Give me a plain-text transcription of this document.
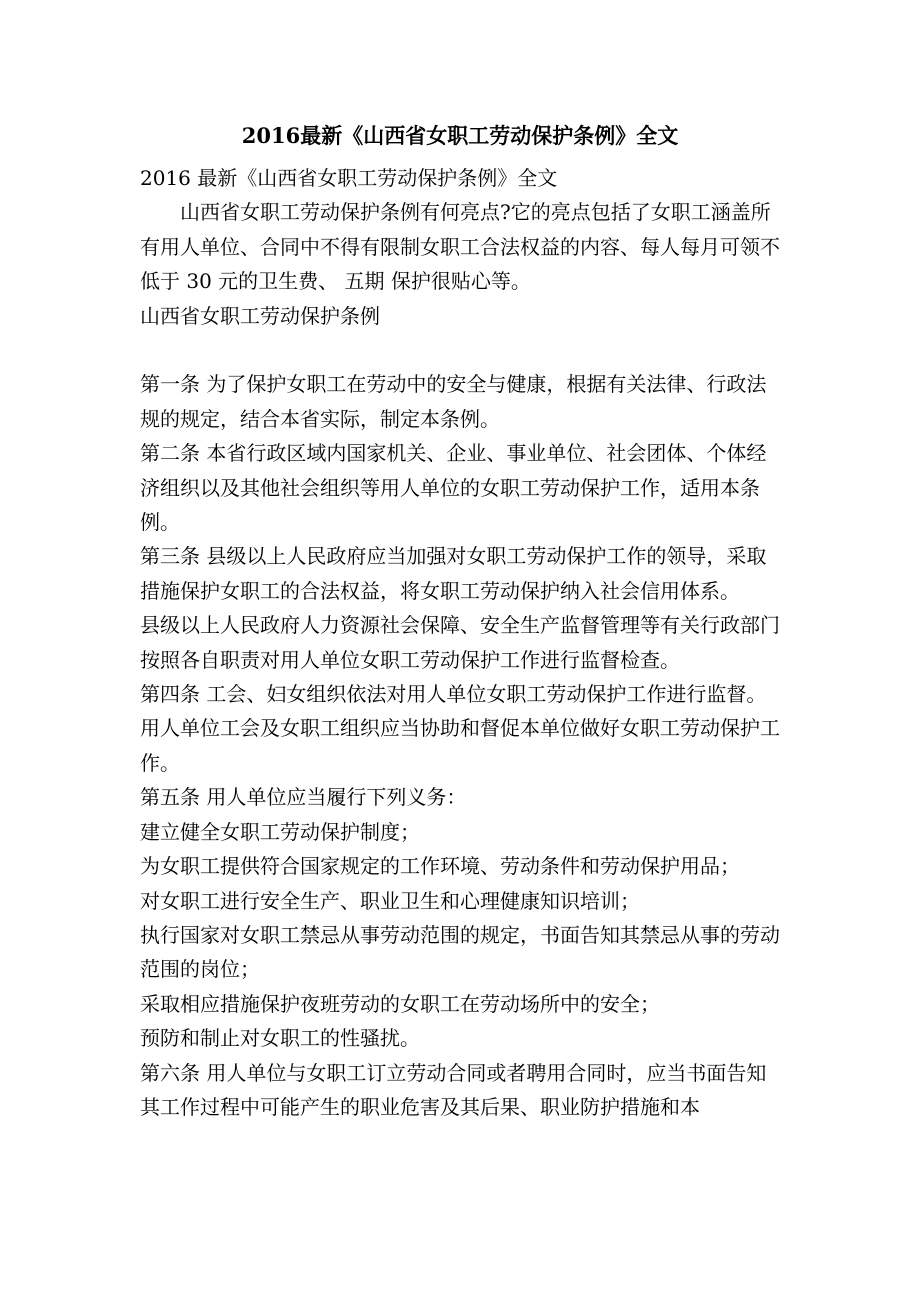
2016最新《山西省女职工劳动保护条例》全文

2016 最新《山西省女职工劳动保护条例》全文

　　山西省女职工劳动保护条例有何亮点?它的亮点包括了女职工涵盖所有用人单位、合同中不得有限制女职工合法权益的内容、每人每月可领不低于 30 元的卫生费、 五期 保护很贴心等。

山西省女职工劳动保护条例

第一条 为了保护女职工在劳动中的安全与健康，根据有关法律、行政法规的规定，结合本省实际，制定本条例。

第二条 本省行政区域内国家机关、企业、事业单位、社会团体、个体经济组织以及其他社会组织等用人单位的女职工劳动保护工作，适用本条例。

第三条 县级以上人民政府应当加强对女职工劳动保护工作的领导，采取措施保护女职工的合法权益，将女职工劳动保护纳入社会信用体系。

县级以上人民政府人力资源社会保障、安全生产监督管理等有关行政部门按照各自职责对用人单位女职工劳动保护工作进行监督检查。

第四条 工会、妇女组织依法对用人单位女职工劳动保护工作进行监督。

用人单位工会及女职工组织应当协助和督促本单位做好女职工劳动保护工作。

第五条 用人单位应当履行下列义务：

建立健全女职工劳动保护制度；

为女职工提供符合国家规定的工作环境、劳动条件和劳动保护用品；

对女职工进行安全生产、职业卫生和心理健康知识培训；

执行国家对女职工禁忌从事劳动范围的规定，书面告知其禁忌从事的劳动范围的岗位；

采取相应措施保护夜班劳动的女职工在劳动场所中的安全；

预防和制止对女职工的性骚扰。

第六条 用人单位与女职工订立劳动合同或者聘用合同时，应当书面告知其工作过程中可能产生的职业危害及其后果、职业防护措施和本
